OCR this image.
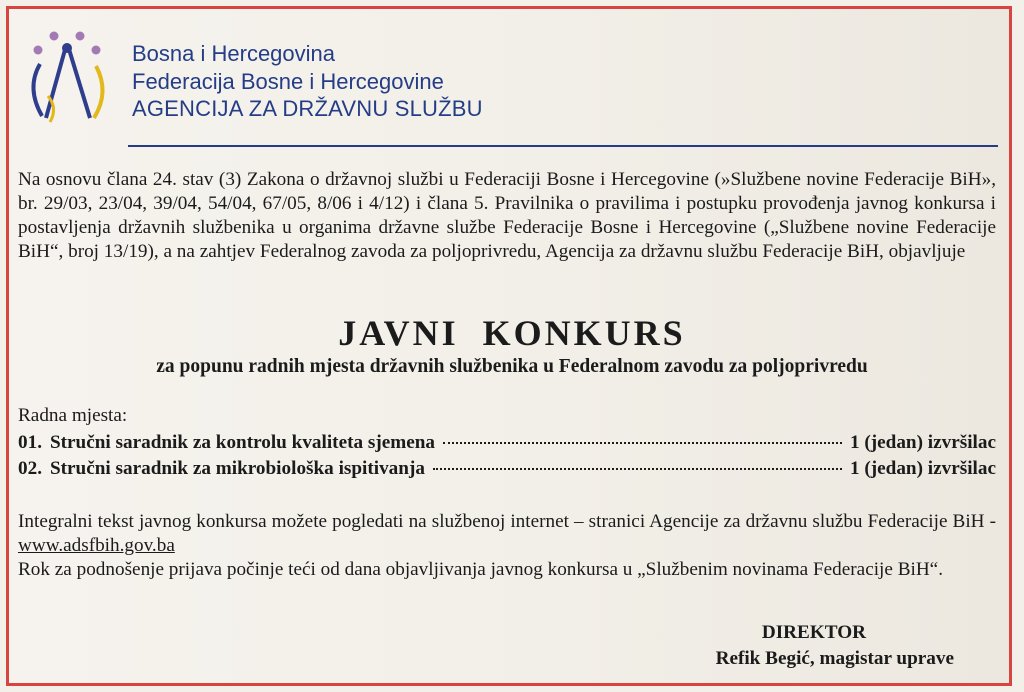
Bosna i Hercegovina
Federacija Bosne i Hercegovine
AGENCIJA ZA DRŽAVNU SLUŽBU

Na osnovu člana 24. stav (3) Zakona o državnoj službi u Federaciji Bosne i Hercegovine (»Službene novine Federacije BiH», br. 29/03, 23/04, 39/04, 54/04, 67/05, 8/06 i 4/12) i člana 5. Pravilnika o pravilima i postupku provođenja javnog konkursa i postavljenja državnih službenika u organima državne službe Federacije Bosne i Hercegovine („Službene novine Federacije BiH“, broj 13/19), a na zahtjev Federalnog zavoda za poljoprivredu, Agencija za državnu službu Federacije BiH, objavljuje

JAVNI KONKURS
za popunu radnih mjesta državnih službenika u Federalnom zavodu za poljoprivredu
Radna mjesta:
01. Stručni saradnik za kontrolu kvaliteta sjemena	1 (jedan) izvršilac
02. Stručni saradnik za mikrobiološka ispitivanja	1 (jedan) izvršilac

Integralni tekst javnog konkursa možete pogledati na službenoj internet – stranici Agencije za državnu službu Federacije BiH - www.adsfbih.gov.ba

Rok za podnošenje prijava počinje teći od dana objavljivanja javnog konkursa u „Službenim novinama Federacije BiH“.

DIREKTOR
Refik Begić, magistar uprave
